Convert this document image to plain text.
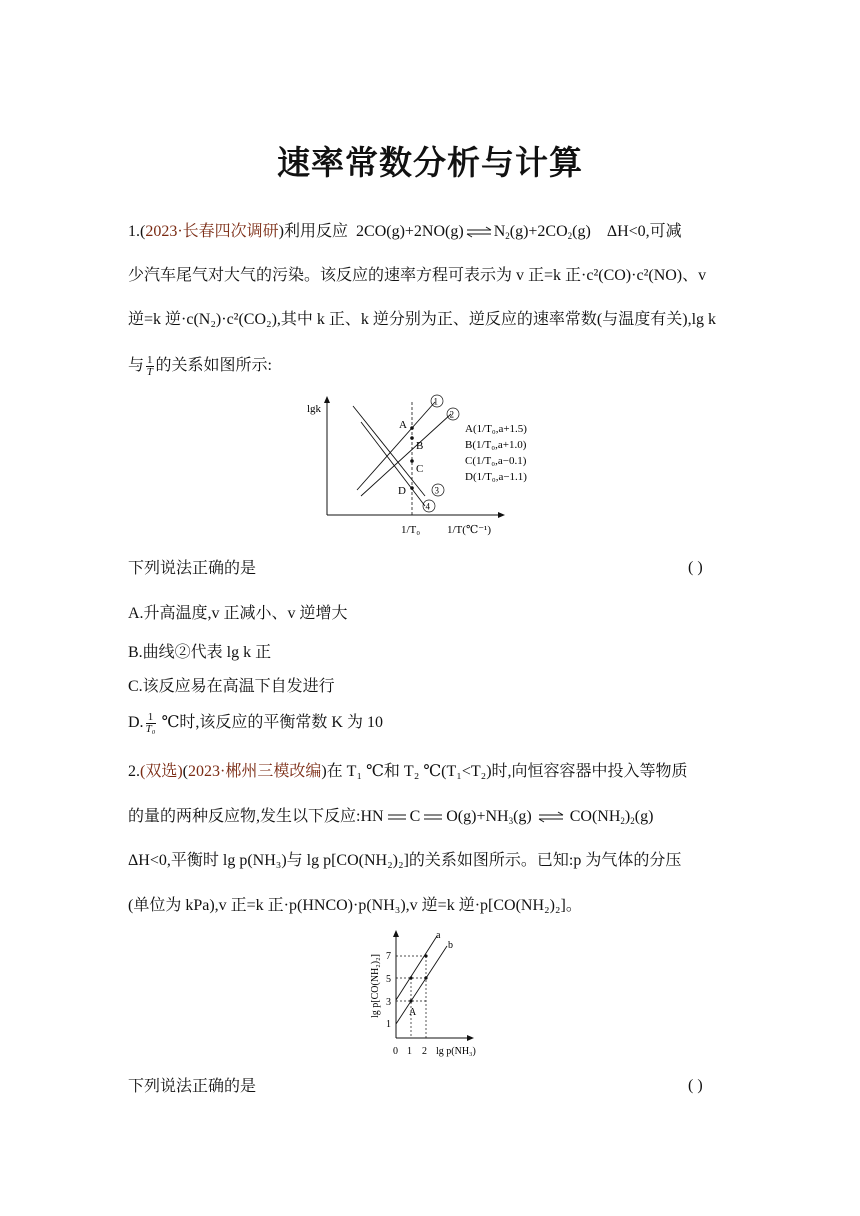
速率常数分析与计算
1.(2023·长春四次调研)利用反应 2CO(g)+2NO(g) ⇌ $N_2(g)+2CO_2(g)$ ΔH<0,可减
少汽车尾气对大气的污染。该反应的速率方程可表示为 v 正=k 正·c²(CO)·c²(NO)、v
逆=k 逆·c(N₂)·c²(CO₂),其中 k 正、k 逆分别为正、逆反应的速率常数(与温度有关),lg k
与 $\frac{1}{T}$ 的关系如图所示:
lgk
1/T(℃⁻¹)
1/T₀
1
2
3
4
A
B
C
D
A(1/T₀,a+1.5)
B(1/T₀,a+1.0)
C(1/T₀,a−0.1)
D(1/T₀,a−1.1)
下列说法正确的是	( )
A.升高温度,v 正减小、v 逆增大
B.曲线②代表 lg k 正
C.该反应易在高温下自发进行
D. $\frac{1}{\text{T₀}}$ ℃时,该反应的平衡常数 K 为 10
2.(双选)(2023·郴州三模改编)在 T₁ ℃和 T₂ ℃(T₁<T₂)时,向恒容容器中投入等物质
的量的两种反应物,发生以下反应:HN C $O(g)+NH_3(g)$ ⇌ $CO(NH_2)_2(g)$
ΔH<0,平衡时 lg p(NH₃)与 lg p[CO(NH₂)₂]的关系如图所示。已知:p 为气体的分压
(单位为 kPa),v 正=k 正·p(HNCO)·p(NH₃),v 逆=k 逆·p[CO(NH₂)₂]。
lg p[CO(NH₂)₂]
lg p(NH₃)
0 1 2
1
3
5
7
a
b
A
下列说法正确的是	( )
